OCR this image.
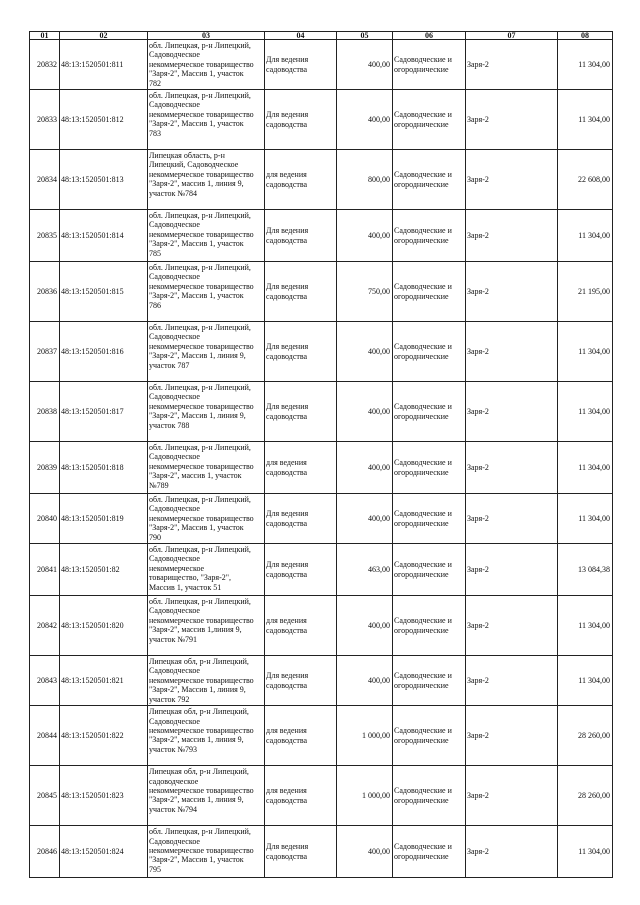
01	02	03	04	05	06	07	08
20832	48:13:1520501:811	обл. Липецкая, р-н Липецкий,
Садоводческое
некоммерческое товарищество
"Заря-2", Массив 1, участок
782	Для ведения
садоводства	400,00	Садоводческие и
огороднические	Заря-2	11 304,00
20833	48:13:1520501:812	обл. Липецкая, р-н Липецкий,
Садоводческое
некоммерческое товарищество
"Заря-2", Массив 1, участок
783	Для ведения
садоводства	400,00	Садоводческие и
огороднические	Заря-2	11 304,00
20834	48:13:1520501:813	Липецкая область, р-н
Липецкий, Садоводческое
некоммерческое товарищество
"Заря-2", массив 1, линия 9,
участок №784	для ведения
садоводства	800,00	Садоводческие и
огороднические	Заря-2	22 608,00
20835	48:13:1520501:814	обл. Липецкая, р-н Липецкий,
Садоводческое
некоммерческое товарищество
"Заря-2", Массив 1, участок
785	Для ведения
садоводства	400,00	Садоводческие и
огороднические	Заря-2	11 304,00
20836	48:13:1520501:815	обл. Липецкая, р-н Липецкий,
Садоводческое
некоммерческое товарищество
"Заря-2", Массив 1, участок
786	Для ведения
садоводства	750,00	Садоводческие и
огороднические	Заря-2	21 195,00
20837	48:13:1520501:816	обл. Липецкая, р-н Липецкий,
Садоводческое
некоммерческое товарищество
"Заря-2", Массив 1, линия 9,
участок 787	Для ведения
садоводства	400,00	Садоводческие и
огороднические	Заря-2	11 304,00
20838	48:13:1520501:817	обл. Липецкая, р-н Липецкий,
Садоводческое
некоммерческое товарищество
"Заря-2", Массив 1, линия 9,
участок 788	Для ведения
садоводства	400,00	Садоводческие и
огороднические	Заря-2	11 304,00
20839	48:13:1520501:818	обл. Липецкая, р-н Липецкий,
Садоводческое
некоммерческое товарищество
"Заря-2", массив 1, участок
№789	для ведения
садоводства	400,00	Садоводческие и
огороднические	Заря-2	11 304,00
20840	48:13:1520501:819	обл. Липецкая, р-н Липецкий,
Садоводческое
некоммерческое товарищество
"Заря-2", Массив 1, участок
790	Для ведения
садоводства	400,00	Садоводческие и
огороднические	Заря-2	11 304,00
20841	48:13:1520501:82	обл. Липецкая, р-н Липецкий,
Садоводческое
некоммерческое
товарищество, "Заря-2",
Массив 1, участок 51	Для ведения
садоводства	463,00	Садоводческие и
огороднические	Заря-2	13 084,38
20842	48:13:1520501:820	обл. Липецкая, р-н Липецкий,
Садоводческое
некоммерческое товарищество
"Заря-2", массив 1,линия 9,
участок №791	для ведения
садоводства	400,00	Садоводческие и
огороднические	Заря-2	11 304,00
20843	48:13:1520501:821	Липецкая обл, р-н Липецкий,
Садоводческое
некоммерческое товарищество
"Заря-2", Массив 1, линия 9,
участок 792	Для ведения
садоводства	400,00	Садоводческие и
огороднические	Заря-2	11 304,00
20844	48:13:1520501:822	Липецкая обл, р-н Липецкий,
Садоводческое
некоммерческое товарищество
"Заря-2", массив 1, линия 9,
участок №793	для ведения
садоводства	1 000,00	Садоводческие и
огороднические	Заря-2	28 260,00
20845	48:13:1520501:823	Липецкая обл, р-н Липецкий,
садоводческое
некоммерческое товарищество
"Заря-2", массив 1, линия 9,
участок №794	для ведения
садоводства	1 000,00	Садоводческие и
огороднические	Заря-2	28 260,00
20846	48:13:1520501:824	обл. Липецкая, р-н Липецкий,
Садоводческое
некоммерческое товарищество
"Заря-2", Массив 1, участок
795	Для ведения
садоводства	400,00	Садоводческие и
огороднические	Заря-2	11 304,00
